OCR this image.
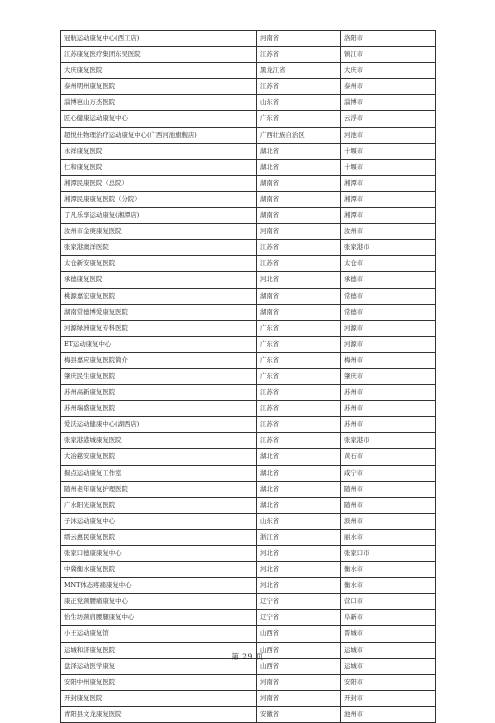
冠航运动康复中心(西工店)	河南省	洛阳市
江苏康复医疗集团东吴医院	江苏省	镇江市
大庆康复医院	黑龙江省	大庆市
泰州明州康复医院	江苏省	泰州市
淄博岜山万杰医院	山东省	淄博市
匠心健康运动康复中心	广东省	云浮市
超悦仕物理治疗运动康复中心(广西河池旗舰店)	广西壮族自治区	河池市
永祥康复医院	湖北省	十堰市
仁和康复医院	湖北省	十堰市
湘潭民康医院（总院）	湖南省	湘潭市
湘潭民康康复医院（分院）	湖南省	湘潭市
了凡乐享运动康复(湘潭店)	湖南省	湘潭市
汝州市金庚康复医院	河南省	汝州市
张家港澳洋医院	江苏省	张家港市
太仓新安康复医院	江苏省	太仓市
承德康复医院	河北省	承德市
桃源嘉宏康复医院	湖南省	常德市
湖南常德博爱康复医院	湖南省	常德市
河源绿洲康复专科医院	广东省	河源市
ET运动康复中心	广东省	河源市
梅县嘉应康复医院简介	广东省	梅州市
肇庆民生康复医院	广东省	肇庆市
苏州高新康复医院	江苏省	苏州市
苏州瑞盛康复医院	江苏省	苏州市
爱沃运动健康中心(湖西店)	江苏省	苏州市
张家港港城康复医院	江苏省	张家港市
大冶慈安康复医院	湖北省	黄石市
掘点运动康复工作室	湖北省	咸宁市
随州老年康复护理医院	湖北省	随州市
广水阳光康复医院	湖北省	随州市
子沐运动康复中心	山东省	滨州市
缙云惠民康复医院	浙江省	丽水市
张家口德康康复中心	河北省	张家口市
中冀衡水康复医院	河北省	衡水市
MNT体态疼痛康复中心	河北省	衡水市
康正党颈腰痛康复中心	辽宁省	营口市
怡生坊颈肩腰腿康复中心	辽宁省	阜新市
小王运动康复馆	山西省	晋城市
运城和济康复医院	山西省	运城市
盘泽运动医学康复	山西省	运城市
安阳中州康复医院	河南省	安阳市
开封康复医院	河南省	开封市
青阳县文龙康复医院	安徽省	池州市
第 29 页
